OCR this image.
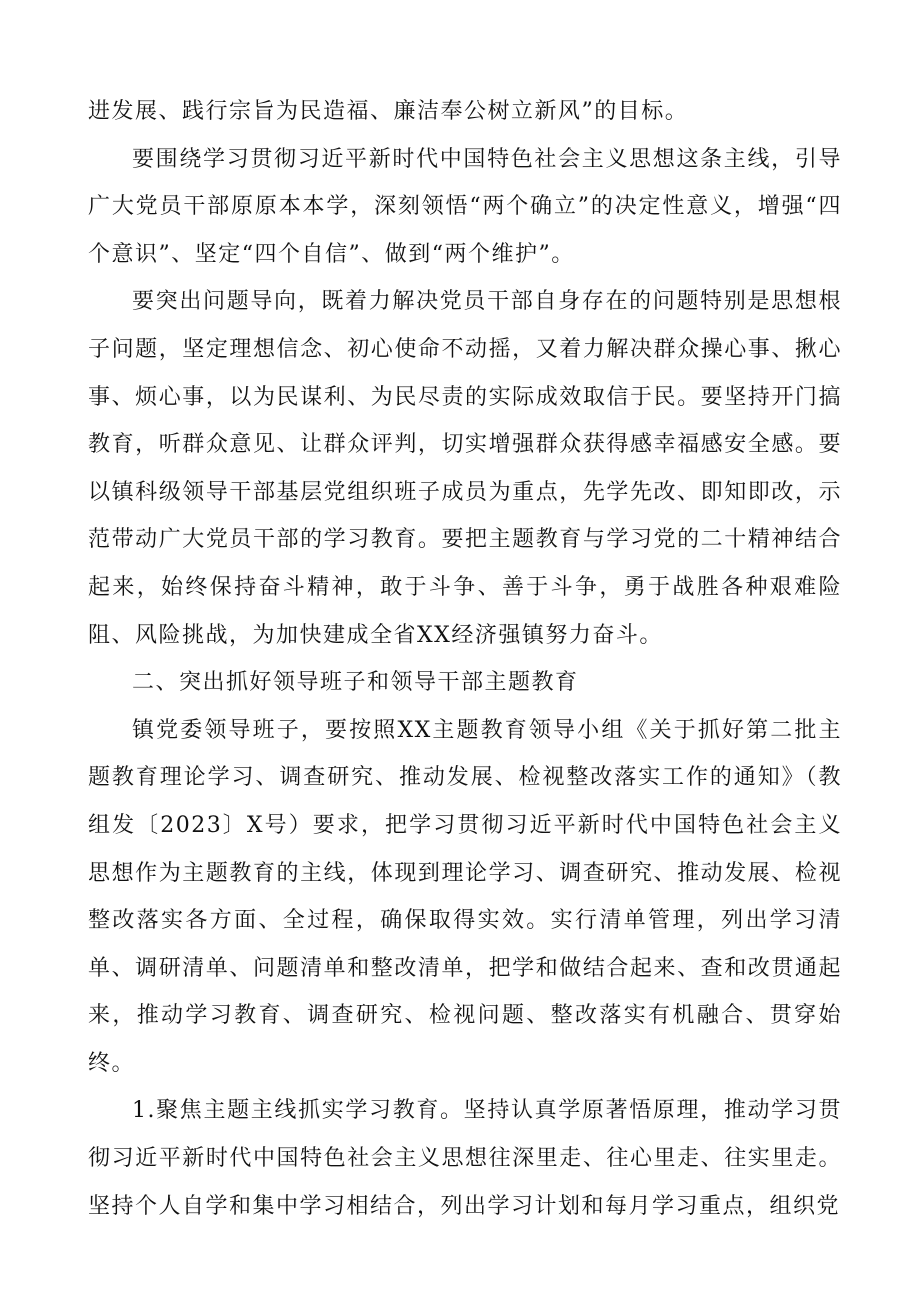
进发展、践行宗旨为民造福、廉洁奉公树立新风”的目标。

要围绕学习贯彻习近平新时代中国特色社会主义思想这条主线，引导广大党员干部原原本本学，深刻领悟“两个确立”的决定性意义，增强“四个意识”、坚定“四个自信”、做到“两个维护”。

要突出问题导向，既着力解决党员干部自身存在的问题特别是思想根子问题，坚定理想信念、初心使命不动摇，又着力解决群众操心事、揪心事、烦心事，以为民谋利、为民尽责的实际成效取信于民。要坚持开门搞教育，听群众意见、让群众评判，切实增强群众获得感幸福感安全感。要以镇科级领导干部基层党组织班子成员为重点，先学先改、即知即改，示范带动广大党员干部的学习教育。要把主题教育与学习党的二十精神结合起来，始终保持奋斗精神，敢于斗争、善于斗争，勇于战胜各种艰难险阻、风险挑战，为加快建成全省XX经济强镇努力奋斗。

二、突出抓好领导班子和领导干部主题教育

镇党委领导班子，要按照XX主题教育领导小组《关于抓好第二批主题教育理论学习、调查研究、推动发展、检视整改落实工作的通知》（教组发〔2023〕X号）要求，把学习贯彻习近平新时代中国特色社会主义思想作为主题教育的主线，体现到理论学习、调查研究、推动发展、检视整改落实各方面、全过程，确保取得实效。实行清单管理，列出学习清单、调研清单、问题清单和整改清单，把学和做结合起来、查和改贯通起来，推动学习教育、调查研究、检视问题、整改落实有机融合、贯穿始终。

1.聚焦主题主线抓实学习教育。坚持认真学原著悟原理，推动学习贯彻习近平新时代中国特色社会主义思想往深里走、往心里走、往实里走。坚持个人自学和集中学习相结合，列出学习计划和每月学习重点，组织党
